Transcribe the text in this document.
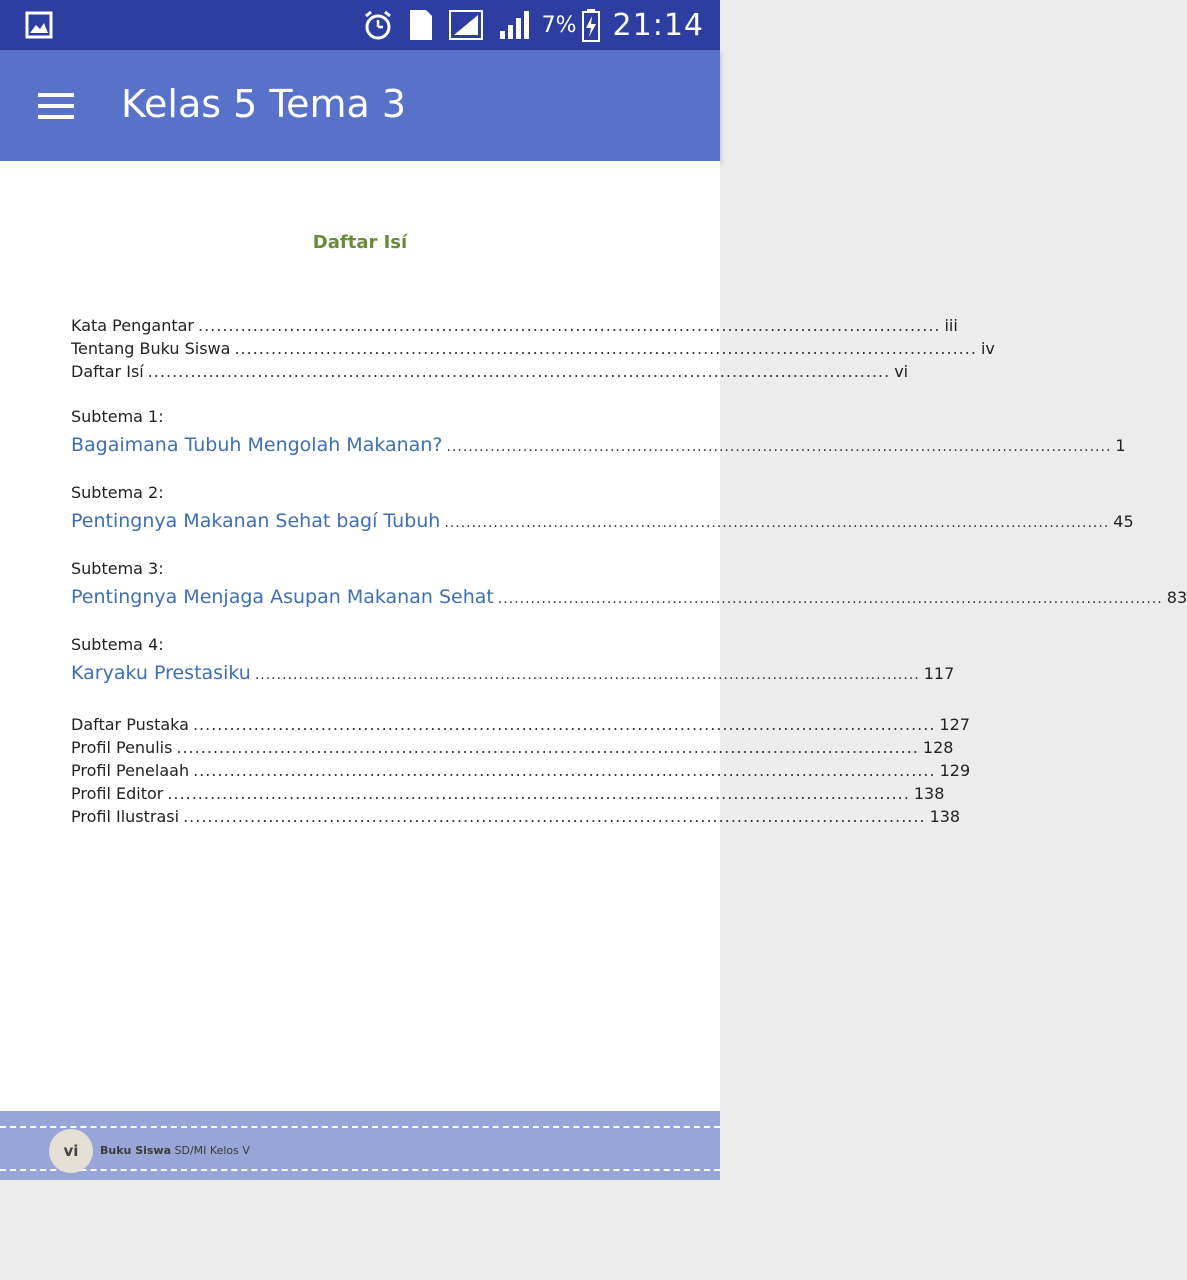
7% 21:14
Kelas 5 Tema 3
Daftar Isí
Kata Pengantar .......................................................................................................................... iii
Tentang Buku Siswa .......................................................................................................................... iv
Daftar Isí .......................................................................................................................... vi
Subtema 1:
Bagaimana Tubuh Mengolah Makanan? .......................................................................................................................... 1
Subtema 2:
Pentingnya Makanan Sehat bagí Tubuh .......................................................................................................................... 45
Subtema 3:
Pentingnya Menjaga Asupan Makanan Sehat .......................................................................................................................... 83
Subtema 4:
Karyaku Prestasiku .......................................................................................................................... 117
Daftar Pustaka .......................................................................................................................... 127
Profil Penulis .......................................................................................................................... 128
Profil Penelaah .......................................................................................................................... 129
Profil Editor .......................................................................................................................... 138
Profil Ilustrasi .......................................................................................................................... 138
vi	Buku Siswa SD/MI Kelos V
